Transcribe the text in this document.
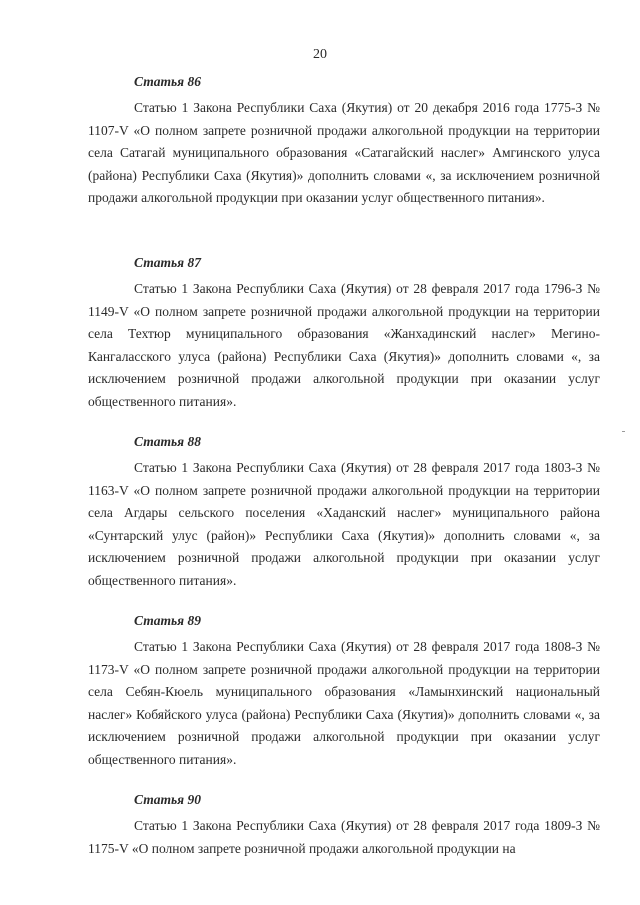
20
Статья 86

Статью 1 Закона Республики Саха (Якутия) от 20 декабря 2016 года 1775-З № 1107-V «О полном запрете розничной продажи алкогольной продукции на территории села Сатагай муниципального образования «Сатагайский наслег» Амгинского улуса (района) Республики Саха (Якутия)» дополнить словами «, за исключением розничной продажи алкогольной продукции при оказании услуг общественного питания».

Статья 87

Статью 1 Закона Республики Саха (Якутия) от 28 февраля 2017 года 1796-З № 1149-V «О полном запрете розничной продажи алкогольной продукции на территории села Техтюр муниципального образования «Жанхадинский наслег» Мегино-Кангаласского улуса (района) Республики Саха (Якутия)» дополнить словами «, за исключением розничной продажи алкогольной продукции при оказании услуг общественного питания».

Статья 88

Статью 1 Закона Республики Саха (Якутия) от 28 февраля 2017 года 1803-З № 1163-V «О полном запрете розничной продажи алкогольной продукции на территории села Агдары сельского поселения «Хаданский наслег» муниципального района «Сунтарский улус (район)» Республики Саха (Якутия)» дополнить словами «, за исключением розничной продажи алкогольной продукции при оказании услуг общественного питания».

Статья 89

Статью 1 Закона Республики Саха (Якутия) от 28 февраля 2017 года 1808-З № 1173-V «О полном запрете розничной продажи алкогольной продукции на территории села Себян-Кюель муниципального образования «Ламынхинский национальный наслег» Кобяйского улуса (района) Республики Саха (Якутия)» дополнить словами «, за исключением розничной продажи алкогольной продукции при оказании услуг общественного питания».

Статья 90

Статью 1 Закона Республики Саха (Якутия) от 28 февраля 2017 года 1809-З № 1175-V «О полном запрете розничной продажи алкогольной продукции на
